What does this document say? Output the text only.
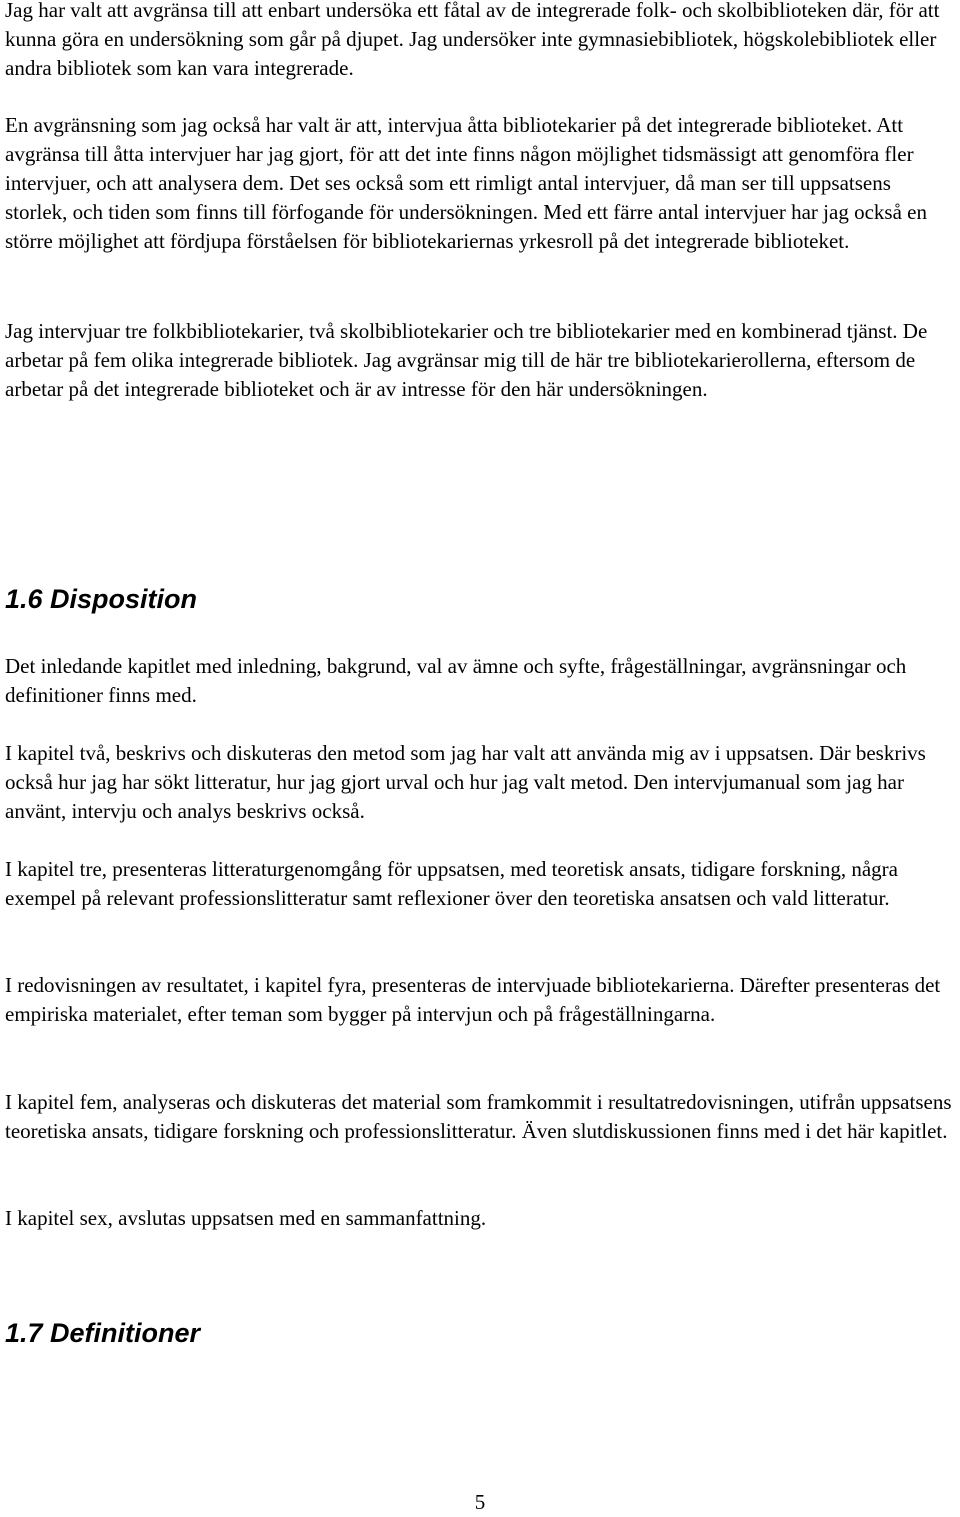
Jag har valt att avgränsa till att enbart undersöka ett fåtal av de integrerade folk- och skolbiblioteken där, för att kunna göra en undersökning som går på djupet. Jag undersöker inte gymnasiebibliotek, högskolebibliotek eller andra bibliotek som kan vara integrerade.

En avgränsning som jag också har valt är att, intervjua åtta bibliotekarier på det integrerade biblioteket. Att avgränsa till åtta intervjuer har jag gjort, för att det inte finns någon möjlighet tidsmässigt att genomföra fler intervjuer, och att analysera dem. Det ses också som ett rimligt antal intervjuer, då man ser till uppsatsens storlek, och tiden som finns till förfogande för undersökningen. Med ett färre antal intervjuer har jag också en större möjlighet att fördjupa förståelsen för bibliotekariernas yrkesroll på det integrerade biblioteket.

Jag intervjuar tre folkbibliotekarier, två skolbibliotekarier och tre bibliotekarier med en kombinerad tjänst. De arbetar på fem olika integrerade bibliotek. Jag avgränsar mig till de här tre bibliotekarierollerna, eftersom de arbetar på det integrerade biblioteket och är av intresse för den här undersökningen.

1.6 Disposition

Det inledande kapitlet med inledning, bakgrund, val av ämne och syfte, frågeställningar, avgränsningar och definitioner finns med.

I kapitel två, beskrivs och diskuteras den metod som jag har valt att använda mig av i uppsatsen. Där beskrivs också hur jag har sökt litteratur, hur jag gjort urval och hur jag valt metod. Den intervjumanual som jag har använt, intervju och analys beskrivs också.

I kapitel tre, presenteras litteraturgenomgång för uppsatsen, med teoretisk ansats, tidigare forskning, några exempel på relevant professionslitteratur samt reflexioner över den teoretiska ansatsen och vald litteratur.

I redovisningen av resultatet, i kapitel fyra, presenteras de intervjuade bibliotekarierna. Därefter presenteras det empiriska materialet, efter teman som bygger på intervjun och på frågeställningarna.

I kapitel fem, analyseras och diskuteras det material som framkommit i resultatredovisningen, utifrån uppsatsens teoretiska ansats, tidigare forskning och professionslitteratur. Även slutdiskussionen finns med i det här kapitlet.

I kapitel sex, avslutas uppsatsen med en sammanfattning.

1.7 Definitioner
5
